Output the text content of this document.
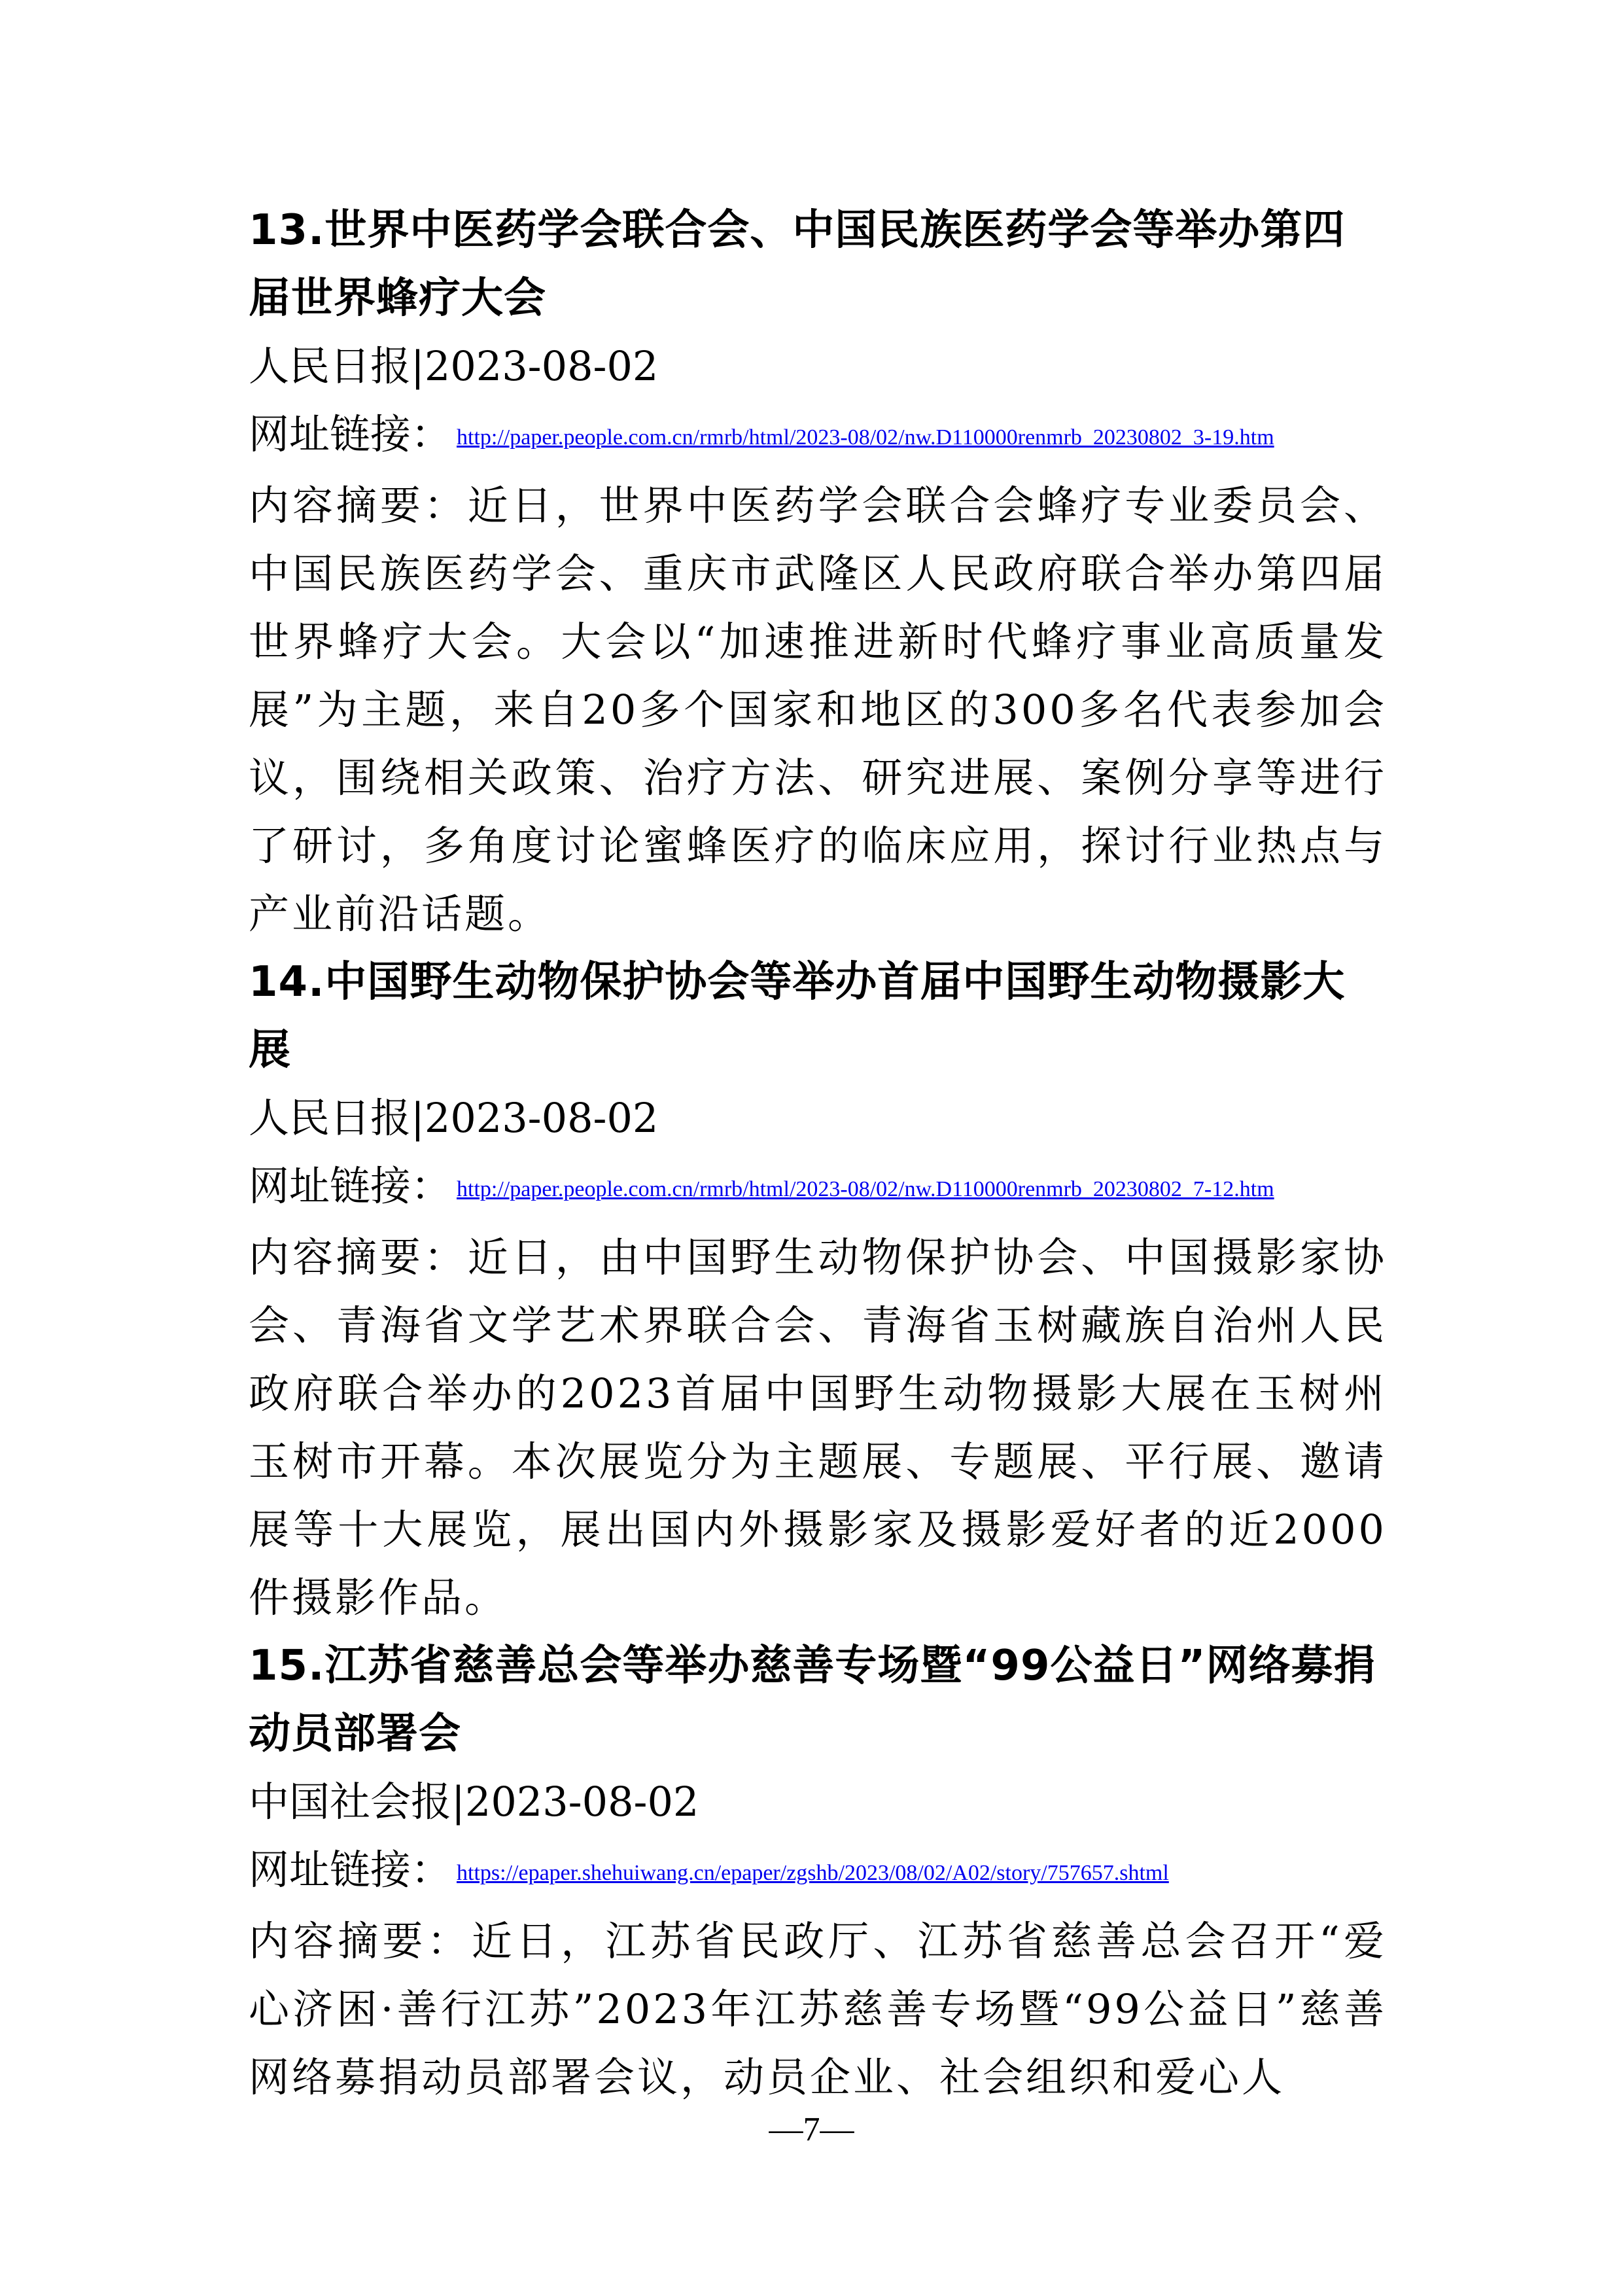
13.世界中医药学会联合会、中国民族医药学会等举办第四届世界蜂疗大会

人民日报|2023-08-02

网址链接： http://paper.people.com.cn/rmrb/html/2023-08/02/nw.D110000renmrb_20230802_3-19.htm

内容摘要：近日，世界中医药学会联合会蜂疗专业委员会、中国民族医药学会、重庆市武隆区人民政府联合举办第四届世界蜂疗大会。大会以“加速推进新时代蜂疗事业高质量发展”为主题，来自20多个国家和地区的300多名代表参加会议，围绕相关政策、治疗方法、研究进展、案例分享等进行了研讨，多角度讨论蜜蜂医疗的临床应用，探讨行业热点与产业前沿话题。

14.中国野生动物保护协会等举办首届中国野生动物摄影大展

人民日报|2023-08-02

网址链接： http://paper.people.com.cn/rmrb/html/2023-08/02/nw.D110000renmrb_20230802_7-12.htm

内容摘要：近日，由中国野生动物保护协会、中国摄影家协会、青海省文学艺术界联合会、青海省玉树藏族自治州人民政府联合举办的2023首届中国野生动物摄影大展在玉树州玉树市开幕。本次展览分为主题展、专题展、平行展、邀请展等十大展览，展出国内外摄影家及摄影爱好者的近2000件摄影作品。

15.江苏省慈善总会等举办慈善专场暨“99公益日”网络募捐动员部署会

中国社会报|2023-08-02

网址链接： https://epaper.shehuiwang.cn/epaper/zgshb/2023/08/02/A02/story/757657.shtml

内容摘要：近日，江苏省民政厅、江苏省慈善总会召开“爱心济困·善行江苏”2023年江苏慈善专场暨“99公益日”慈善网络募捐动员部署会议，动员企业、社会组织和爱心人

—7—
